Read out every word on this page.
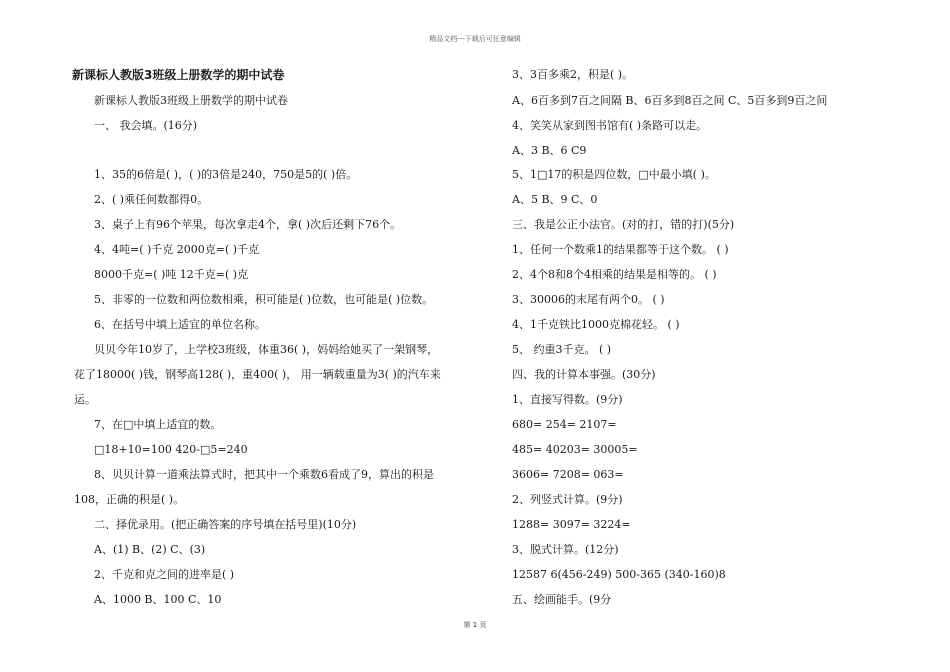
精品文档---下载后可任意编辑
新课标人教版3班级上册数学的期中试卷
新课标人教版3班级上册数学的期中试卷
一、 我会填。(16分)
1、35的6倍是( )，( )的3倍是240，750是5的( )倍。
2、( )乘任何数都得0。
3、桌子上有96个苹果，每次拿走4个，拿( )次后还剩下76个。
4、4吨=( )千克 2000克=( )千克
8000千克=( )吨 12千克=( )克
5、非零的一位数和两位数相乘，积可能是( )位数，也可能是( )位数。
6、在括号中填上适宜的单位名称。
贝贝今年10岁了，上学校3班级，体重36( )，妈妈给她买了一架钢琴，
花了18000( )钱，钢琴高128( )，重400( )， 用一辆载重量为3( )的汽车来
运。
7、在□中填上适宜的数。
□18+10=100 420-□5=240
8、贝贝计算一道乘法算式时，把其中一个乘数6看成了9，算出的积是
108，正确的积是( )。
二、择优录用。(把正确答案的序号填在括号里)(10分)
A、(1) B、(2) C、(3)
2、千克和克之间的进率是( )
A、1000 B、100 C、10
3、3百多乘2，积是( )。
A、6百多到7百之间隔 B、6百多到8百之间 C、5百多到9百之间
4、笑笑从家到图书馆有( )条路可以走。
A、3 B、6 C9
5、1□17的积是四位数，□中最小填( )。
A、5 B、9 C、0
三、我是公正小法官。(对的打，错的打)(5分)
1、任何一个数乘1的结果都等于这个数。 ( )
2、4个8和8个4相乘的结果是相等的。 ( )
3、30006的末尾有两个0。 ( )
4、1千克铁比1000克棉花轻。 ( )
5、 约重3千克。 ( )
四、我的计算本事强。(30分)
1、直接写得数。(9分)
680= 254= 2107=
485= 40203= 30005=
3606= 7208= 063=
2、列竖式计算。(9分)
1288= 3097= 3224=
3、脱式计算。(12分)
12587 6(456-249) 500-365 (340-160)8
五、绘画能手。(9分
第 1 页
